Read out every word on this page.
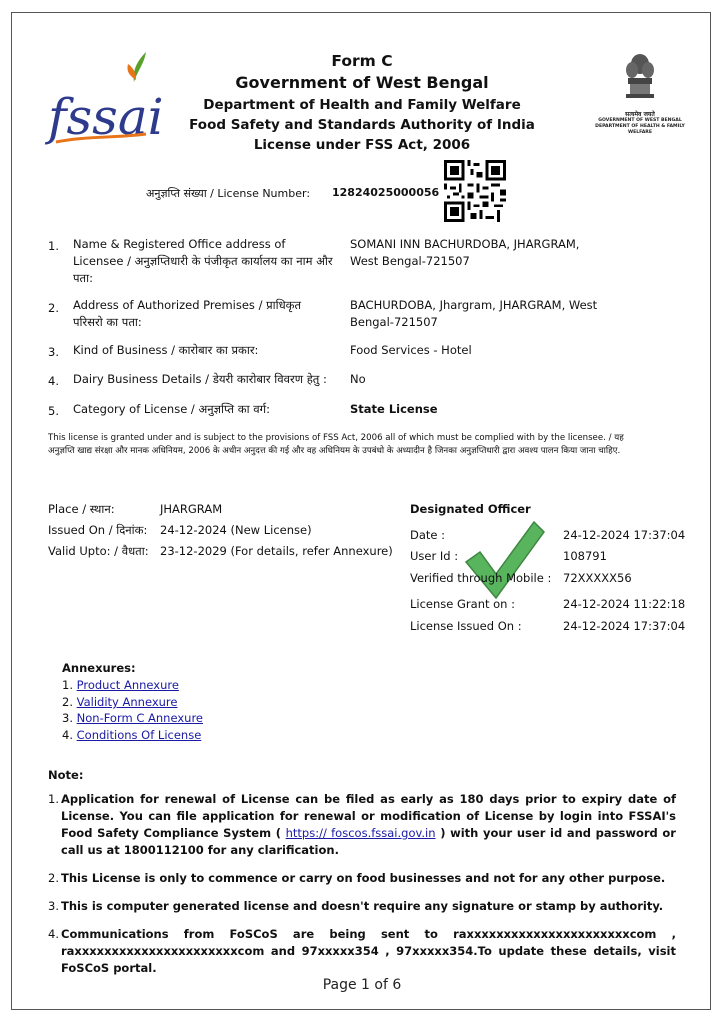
fssai
Form C
Government of West Bengal
Department of Health and Family Welfare
Food Safety and Standards Authority of India
License under FSS Act, 2006
सत्यमेव जयते
GOVERNMENT OF WEST BENGAL
DEPARTMENT OF HEALTH & FAMILY WELFARE
अनुज्ञप्ति संख्या / License Number: 12824025000056
1. Name & Registered Office address of Licensee / अनुज्ञप्तिधारी के पंजीकृत कार्यालय का नाम और पता:
SOMANI INN BACHURDOBA, JHARGRAM, West Bengal-721507
2. Address of Authorized Premises / प्राधिकृत परिसरो का पता:
BACHURDOBA, Jhargram, JHARGRAM, West Bengal-721507
3. Kind of Business / कारोबार का प्रकार:	Food Services - Hotel
4. Dairy Business Details / डेयरी कारोबार विवरण हेतु :	No
5. Category of License / अनुज्ञप्ति का वर्ग:	State License
This license is granted under and is subject to the provisions of FSS Act, 2006 all of which must be complied with by the licensee. / यह अनुज्ञप्ति खाद्य संरक्षा और मानक अधिनियम, 2006 के अधीन अनुदत्त की गई और वह अधिनियम के उपबंधो के अध्यादीन है जिनका अनुज्ञप्तिधारी द्वारा अवश्य पालन किया जाना चाहिए.
Place / स्थान:	JHARGRAM
Issued On / दिनांक: 24-12-2024 (New License)
Valid Upto: / वैधता: 23-12-2029 (For details, refer Annexure)
Designated Officer
Date :	24-12-2024 17:37:04
User Id :	108791
Verified through Mobile : 72XXXXX56
License Grant on :	24-12-2024 11:22:18
License Issued On :	24-12-2024 17:37:04
Annexures:
1. Product Annexure
2. Validity Annexure
3. Non-Form C Annexure
4. Conditions Of License
Note:
1. Application for renewal of License can be filed as early as 180 days prior to expiry date of License. You can file application for renewal or modification of License by login into FSSAI's Food Safety Compliance System ( https:// foscos.fssai.gov.in ) with your user id and password or call us at 1800112100 for any clarification.
2. This License is only to commence or carry on food businesses and not for any other purpose.
3. This is computer generated license and doesn't require any signature or stamp by authority.
4. Communications from FoSCoS are being sent to raxxxxxxxxxxxxxxxxxxxxxxcom , raxxxxxxxxxxxxxxxxxxxxxxcom and 97xxxxx354 , 97xxxxx354.To update these details, visit FoSCoS portal.
Page 1 of 6
